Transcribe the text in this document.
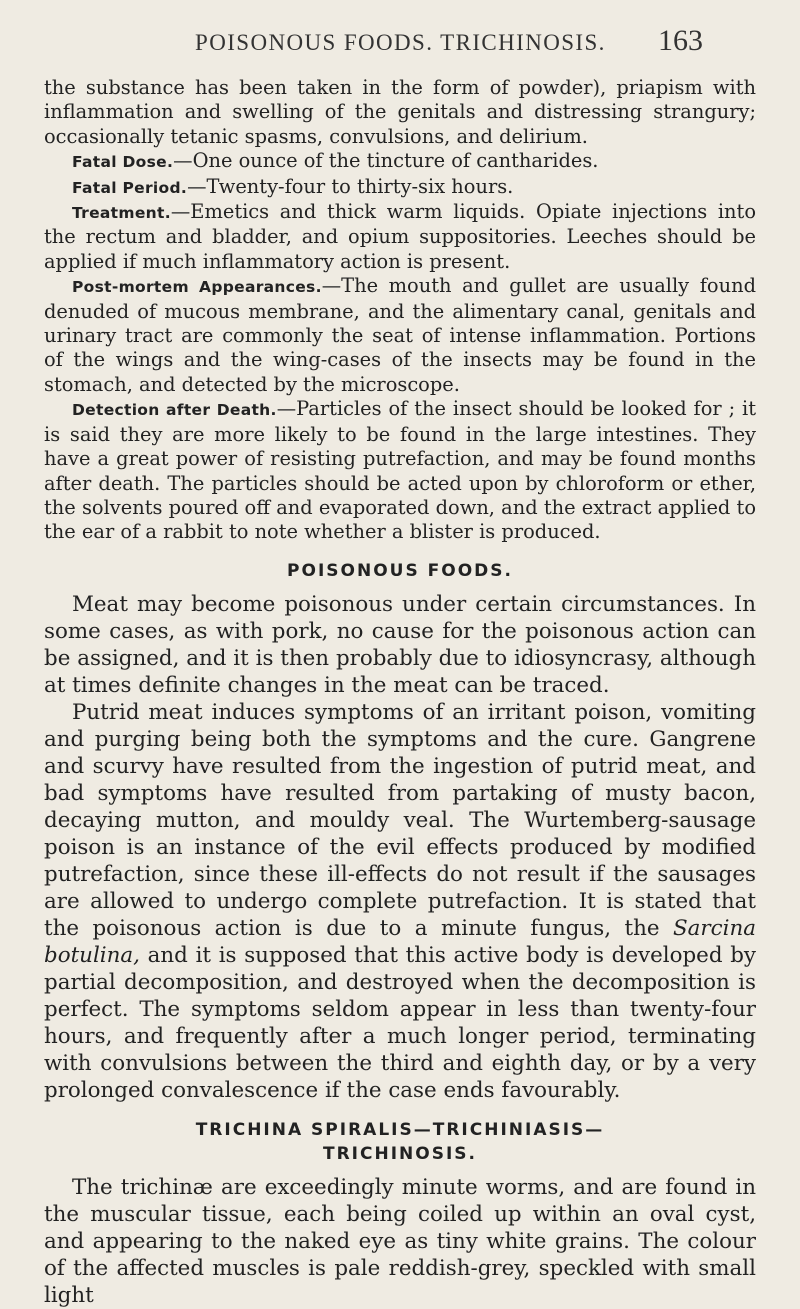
POISONOUS FOODS. TRICHINOSIS.	163

the substance has been taken in the form of powder), priapism with inflammation and swelling of the genitals and distressing strangury; occasionally tetanic spasms, convulsions, and delirium.

Fatal Dose.—One ounce of the tincture of cantharides.

Fatal Period.—Twenty-four to thirty-six hours.

Treatment.—Emetics and thick warm liquids. Opiate injections into the rectum and bladder, and opium suppositories. Leeches should be applied if much inflammatory action is present.

Post-mortem Appearances.—The mouth and gullet are usually found denuded of mucous membrane, and the alimentary canal, genitals and urinary tract are commonly the seat of intense inflammation. Portions of the wings and the wing-cases of the insects may be found in the stomach, and detected by the microscope.

Detection after Death.—Particles of the insect should be looked for ; it is said they are more likely to be found in the large intestines. They have a great power of resisting putrefaction, and may be found months after death. The particles should be acted upon by chloroform or ether, the solvents poured off and evaporated down, and the extract applied to the ear of a rabbit to note whether a blister is produced.

POISONOUS FOODS.

Meat may become poisonous under certain circumstances. In some cases, as with pork, no cause for the poisonous action can be assigned, and it is then probably due to idiosyncrasy, although at times definite changes in the meat can be traced.

Putrid meat induces symptoms of an irritant poison, vomiting and purging being both the symptoms and the cure. Gangrene and scurvy have resulted from the ingestion of putrid meat, and bad symptoms have resulted from partaking of musty bacon, decaying mutton, and mouldy veal. The Wurtemberg-sausage poison is an instance of the evil effects produced by modified putrefaction, since these ill-effects do not result if the sausages are allowed to undergo complete putrefaction. It is stated that the poisonous action is due to a minute fungus, the Sarcina botulina, and it is supposed that this active body is developed by partial decomposition, and destroyed when the decomposition is perfect. The symptoms seldom appear in less than twenty-four hours, and frequently after a much longer period, terminating with convulsions between the third and eighth day, or by a very prolonged convalescence if the case ends favourably.

TRICHINA SPIRALIS—TRICHINIASIS—
TRICHINOSIS.

The trichinæ are exceedingly minute worms, and are found in the muscular tissue, each being coiled up within an oval cyst, and appearing to the naked eye as tiny white grains. The colour of the affected muscles is pale reddish-grey, speckled with small light
